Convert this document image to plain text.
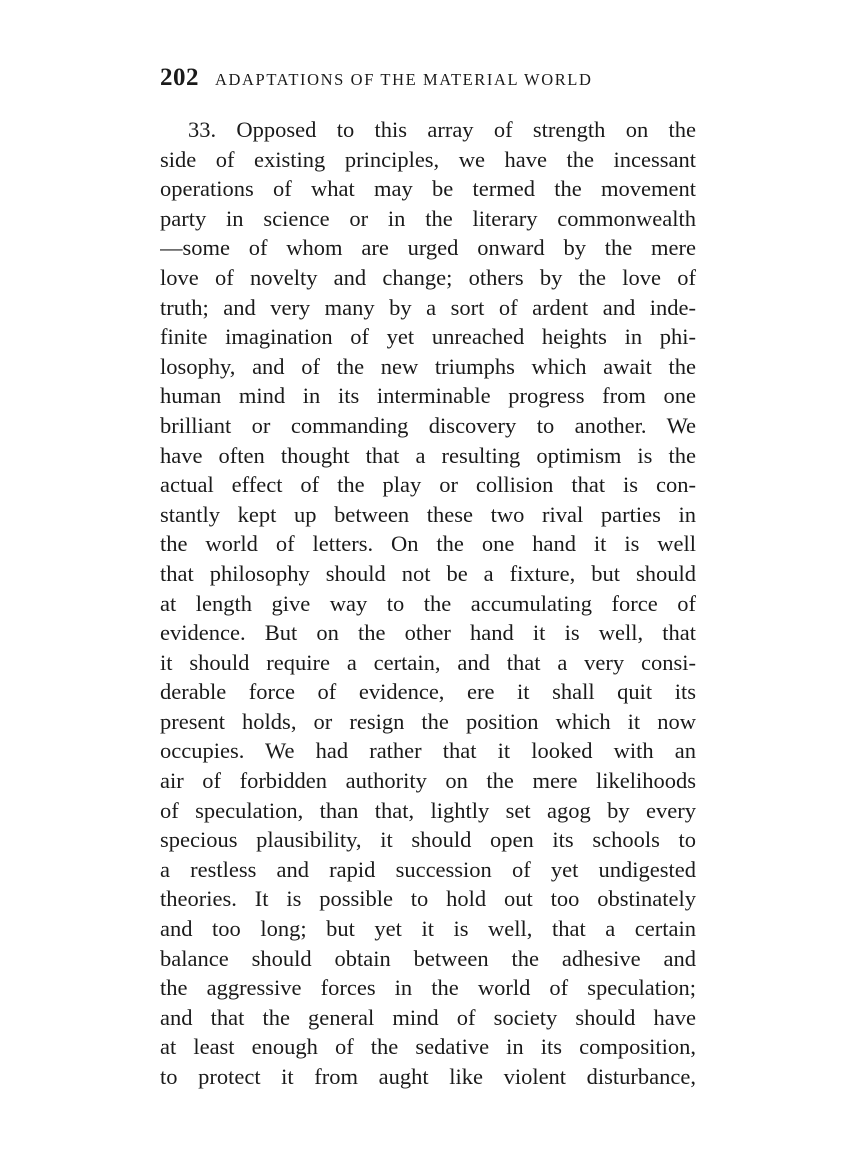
202 ADAPTATIONS OF THE MATERIAL WORLD
33. Opposed to this array of strength on the
side of existing principles, we have the incessant
operations of what may be termed the movement
party in science or in the literary commonwealth
—some of whom are urged onward by the mere
love of novelty and change; others by the love of
truth; and very many by a sort of ardent and inde-
finite imagination of yet unreached heights in phi-
losophy, and of the new triumphs which await the
human mind in its interminable progress from one
brilliant or commanding discovery to another. We
have often thought that a resulting optimism is the
actual effect of the play or collision that is con-
stantly kept up between these two rival parties in
the world of letters. On the one hand it is well
that philosophy should not be a fixture, but should
at length give way to the accumulating force of
evidence. But on the other hand it is well, that
it should require a certain, and that a very consi-
derable force of evidence, ere it shall quit its
present holds, or resign the position which it now
occupies. We had rather that it looked with an
air of forbidden authority on the mere likelihoods
of speculation, than that, lightly set agog by every
specious plausibility, it should open its schools to
a restless and rapid succession of yet undigested
theories. It is possible to hold out too obstinately
and too long; but yet it is well, that a certain
balance should obtain between the adhesive and
the aggressive forces in the world of speculation;
and that the general mind of society should have
at least enough of the sedative in its composition,
to protect it from aught like violent disturbance,
